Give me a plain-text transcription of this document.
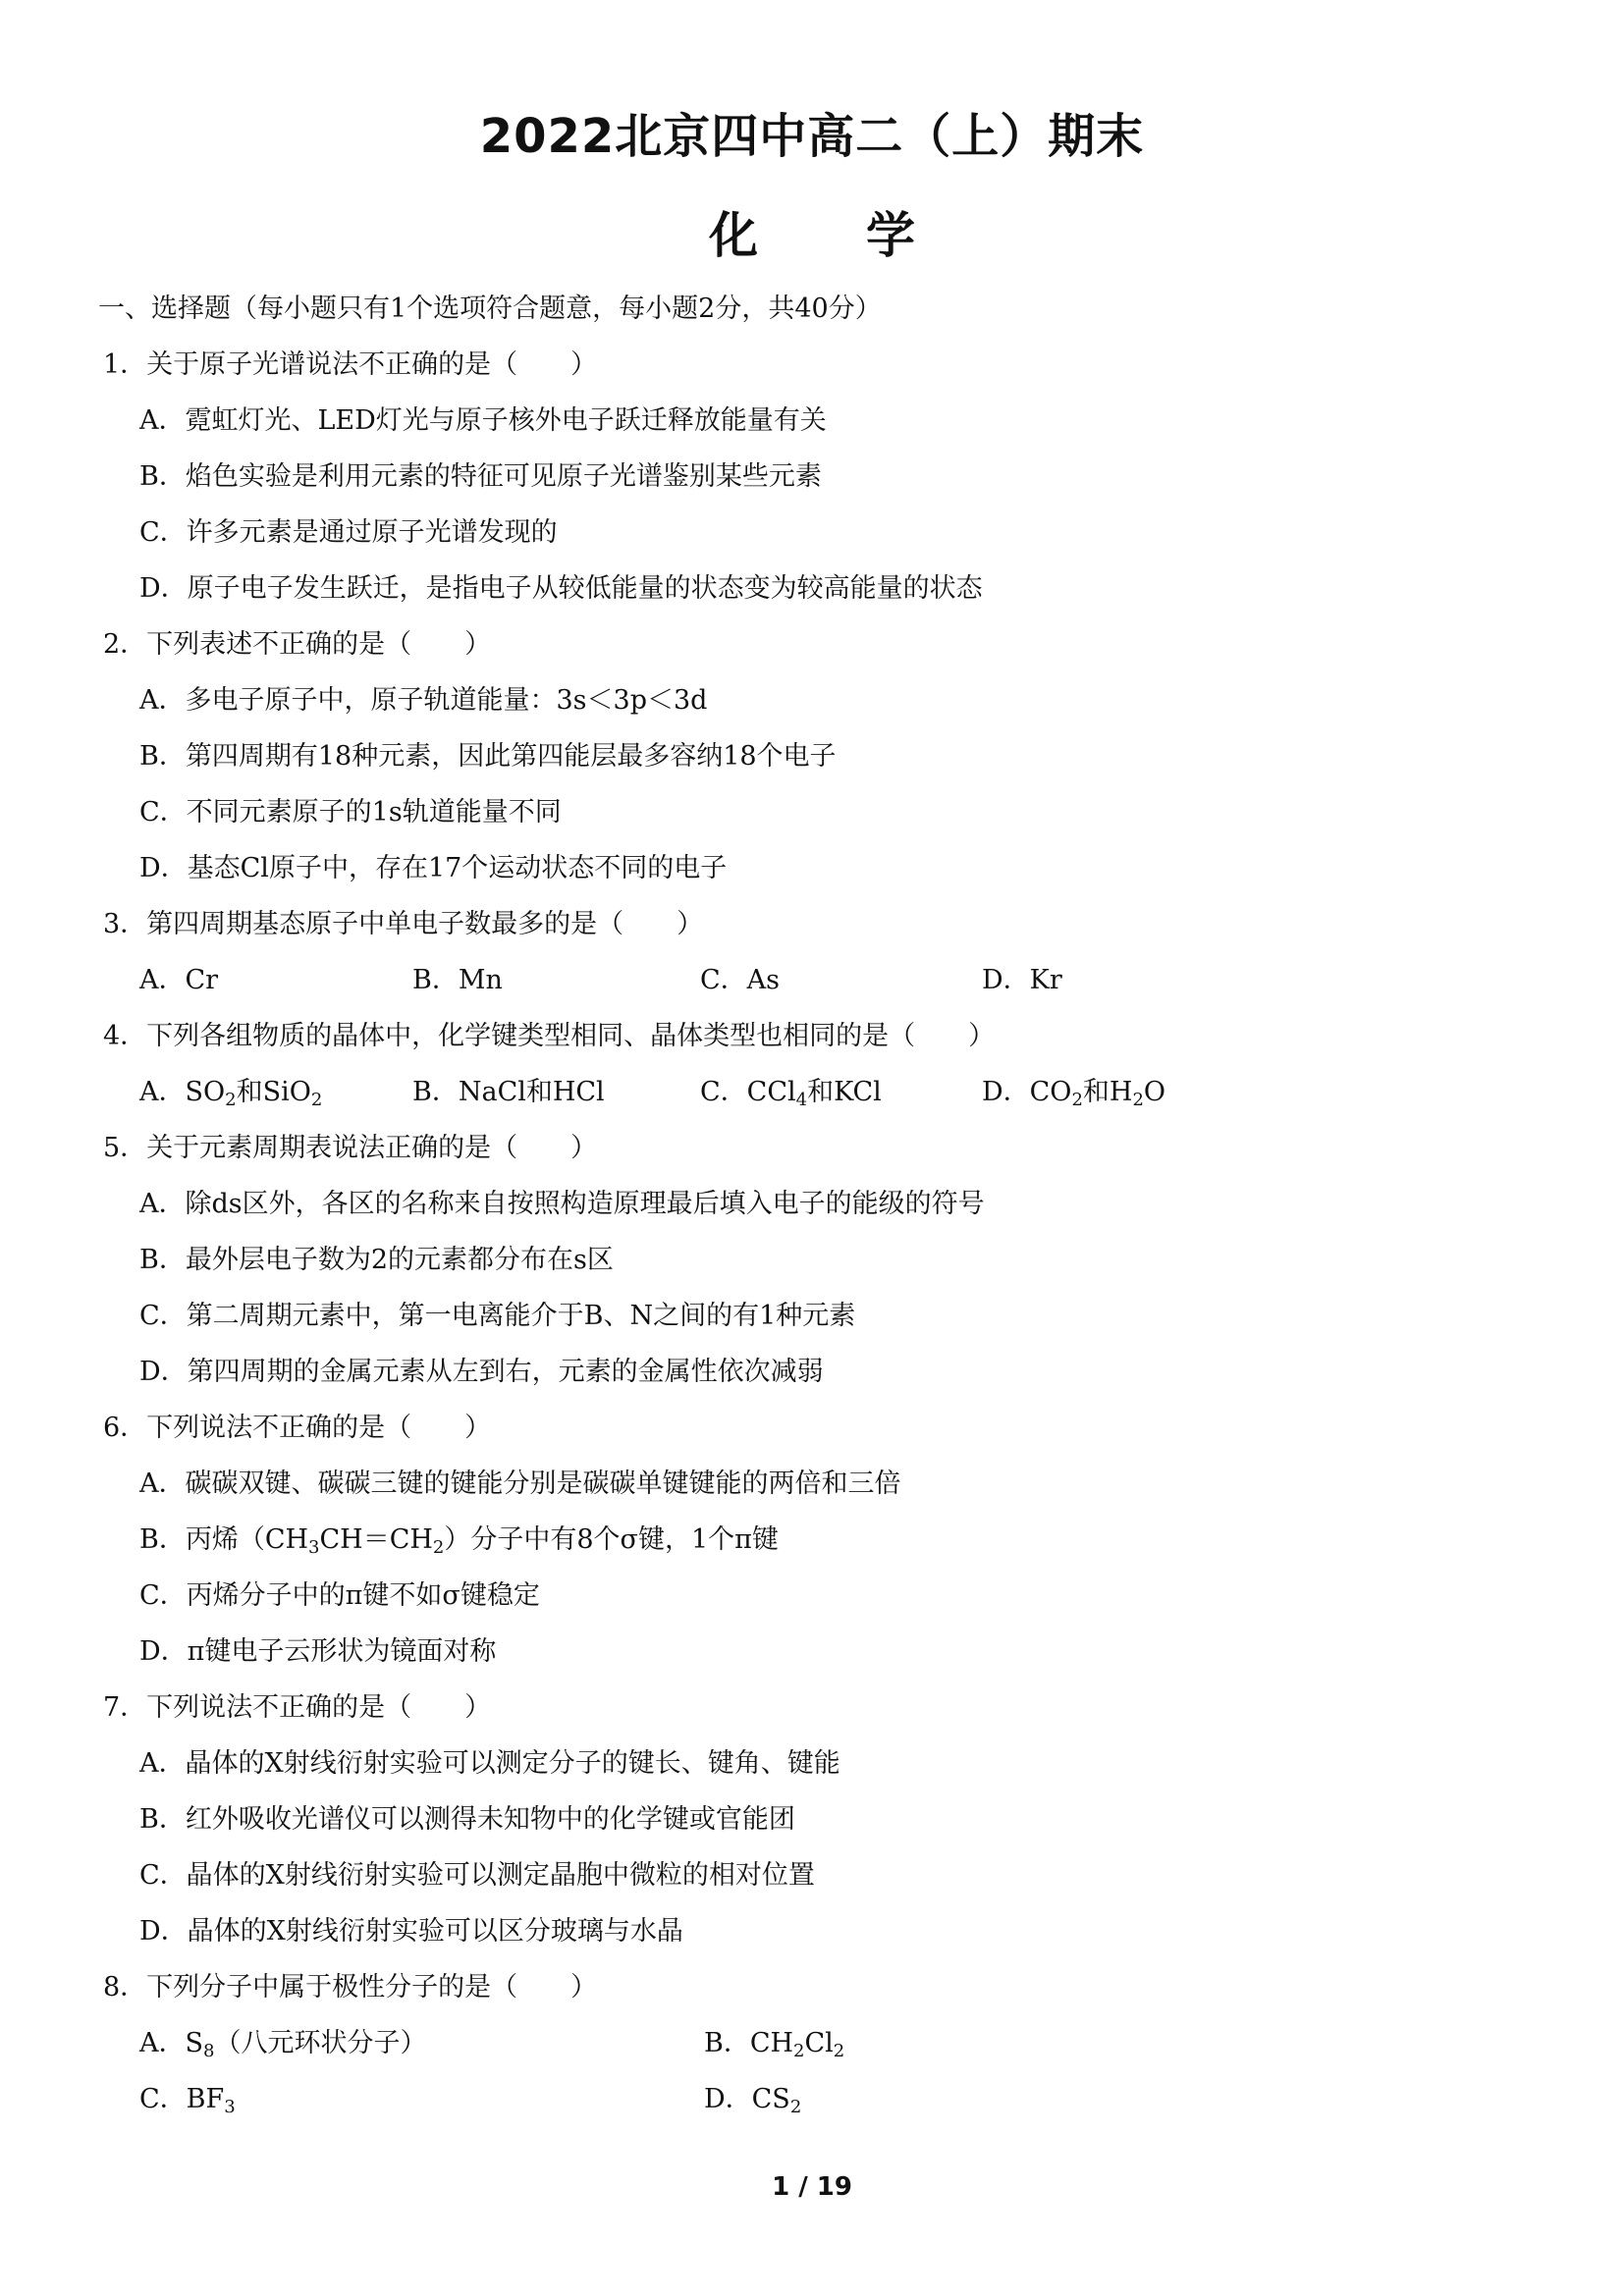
2022北京四中高二（上）期末
化 学
一、选择题（每小题只有1个选项符合题意，每小题2分，共40分）
1．关于原子光谱说法不正确的是（　　）
A．霓虹灯光、LED灯光与原子核外电子跃迁释放能量有关
B．焰色实验是利用元素的特征可见原子光谱鉴别某些元素
C．许多元素是通过原子光谱发现的
D．原子电子发生跃迁，是指电子从较低能量的状态变为较高能量的状态
2．下列表述不正确的是（　　）
A．多电子原子中，原子轨道能量：3s＜3p＜3d
B．第四周期有18种元素，因此第四能层最多容纳18个电子
C．不同元素原子的1s轨道能量不同
D．基态Cl原子中，存在17个运动状态不同的电子
3．第四周期基态原子中单电子数最多的是（　　）
A．Cr	B．Mn	C．As	D．Kr
4．下列各组物质的晶体中，化学键类型相同、晶体类型也相同的是（　　）
A．$SO_2$和SiO$_2$	B．NaCl和HCl	C．CCl$_4$和KCl	D．$CO_2$和$H_2O$
5．关于元素周期表说法正确的是（　　）
A．除ds区外，各区的名称来自按照构造原理最后填入电子的能级的符号
B．最外层电子数为2的元素都分布在s区
C．第二周期元素中，第一电离能介于B、N之间的有1种元素
D．第四周期的金属元素从左到右，元素的金属性依次减弱
6．下列说法不正确的是（　　）
A．碳碳双键、碳碳三键的键能分别是碳碳单键键能的两倍和三倍
B．丙烯$(CH_3CH=CH_2)$分子中有8个σ键，1个π键
C．丙烯分子中的π键不如σ键稳定
D．π键电子云形状为镜面对称
7．下列说法不正确的是（　　）
A．晶体的X射线衍射实验可以测定分子的键长、键角、键能
B．红外吸收光谱仪可以测得未知物中的化学键或官能团
C．晶体的X射线衍射实验可以测定晶胞中微粒的相对位置
D．晶体的X射线衍射实验可以区分玻璃与水晶
8．下列分子中属于极性分子的是（　　）
A．$S_8$（八元环状分子）	B．$CH_2Cl_2$
C．$BF_3$	D．$CS_2$
1 / 19
